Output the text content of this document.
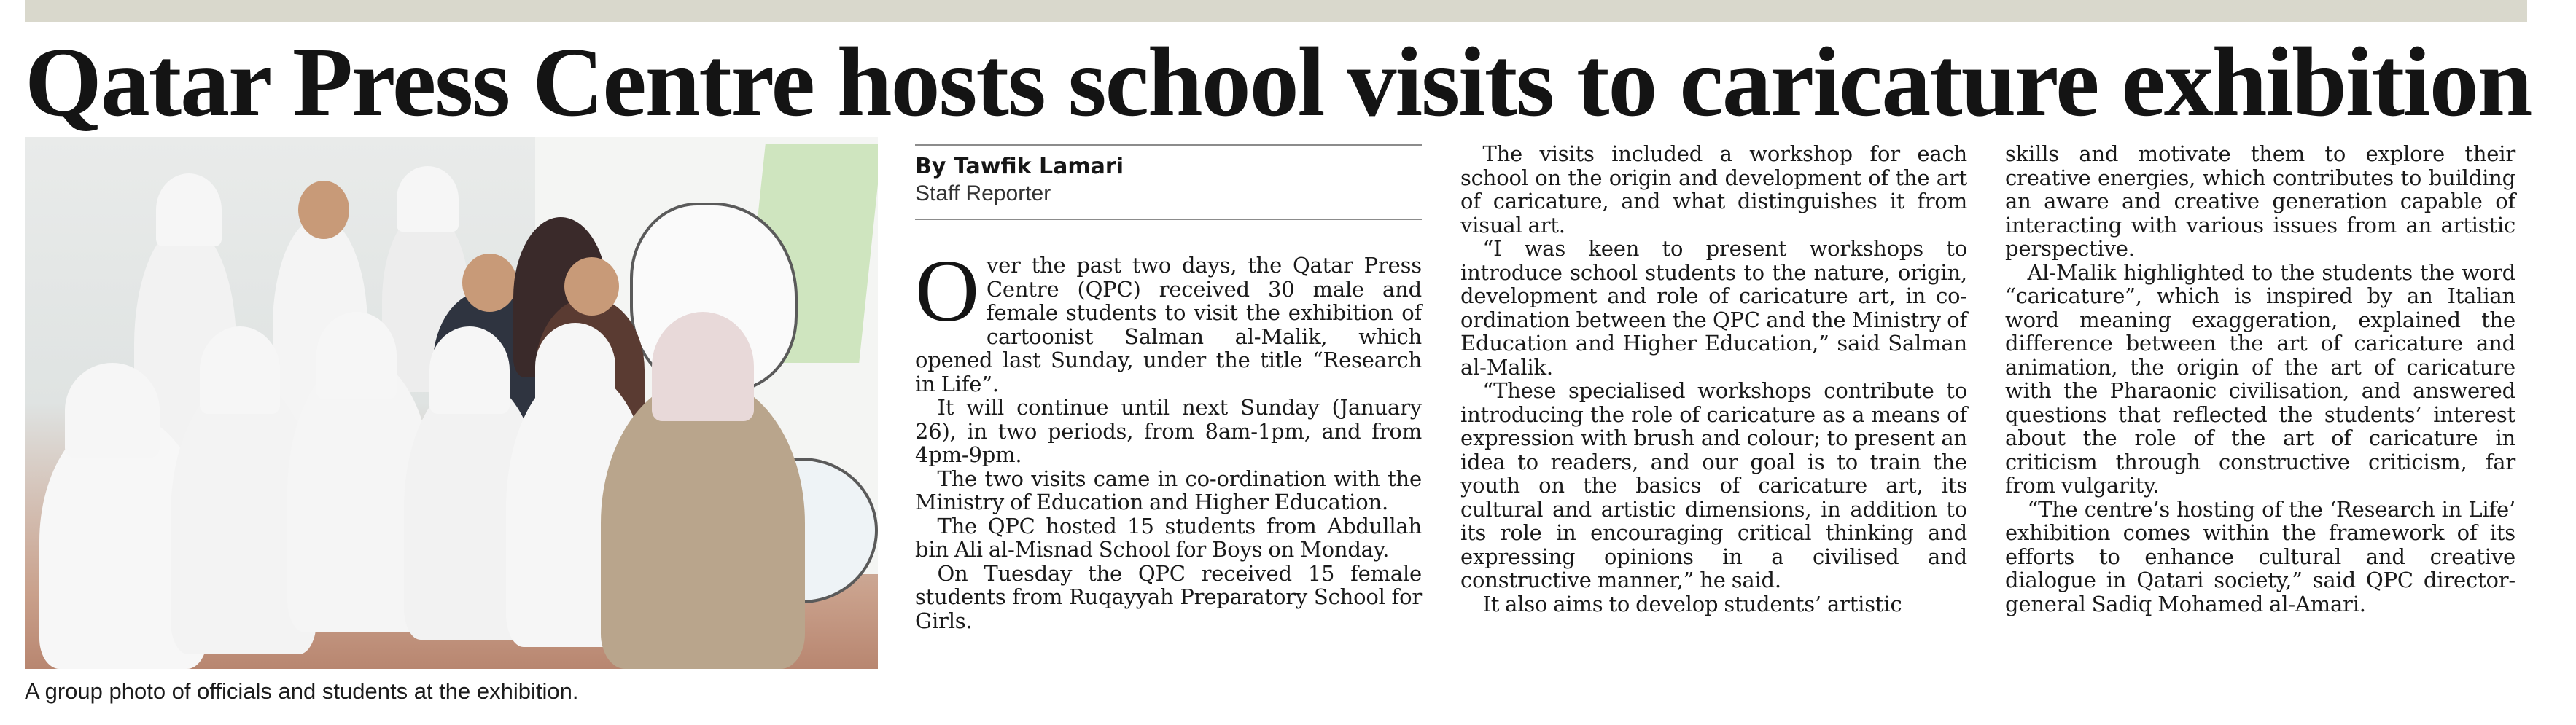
Qatar Press Centre hosts school visits to caricature exhibition
A group photo of officials and students at the exhibition.
By Tawfik Lamari
Staff Reporter

Over the past two days, the Qatar Press Centre (QPC) received 30 male and female students to visit the exhibition of cartoonist Salman al-Malik, which opened last Sunday, under the title “Research in Life”.

It will continue until next Sunday (January 26), in two periods, from 8am-1pm, and from 4pm-9pm.

The two visits came in co-ordination with the Ministry of Education and Higher Education.

The QPC hosted 15 students from Abdullah bin Ali al-Misnad School for Boys on Monday.

On Tuesday the QPC received 15 female students from Ruqayyah Preparatory School for Girls.

The visits included a workshop for each school on the origin and development of the art of caricature, and what distinguishes it from visual art.

“I was keen to present workshops to introduce school students to the nature, origin, development and role of caricature art, in co-ordination between the QPC and the Ministry of Education and Higher Education,” said Salman al-Malik.

“These specialised workshops contribute to introducing the role of caricature as a means of expression with brush and colour; to present an idea to readers, and our goal is to train the youth on the basics of caricature art, its cultural and artistic dimensions, in addition to its role in encouraging critical thinking and expressing opinions in a civilised and constructive manner,” he said.

It also aims to develop students’ artistic

skills and motivate them to explore their creative energies, which contributes to building an aware and creative generation capable of interacting with various issues from an artistic perspective.

Al-Malik highlighted to the students the word “caricature”, which is inspired by an Italian word meaning exaggeration, explained the difference between the art of caricature and animation, the origin of the art of caricature with the Pharaonic civilisation, and answered questions that reflected the students’ interest about the role of the art of caricature in criticism through constructive criticism, far from vulgarity.

“The centre’s hosting of the ‘Research in Life’ exhibition comes within the framework of its efforts to enhance cultural and creative dialogue in Qatari society,” said QPC director-general Sadiq Mohamed al-Amari.
